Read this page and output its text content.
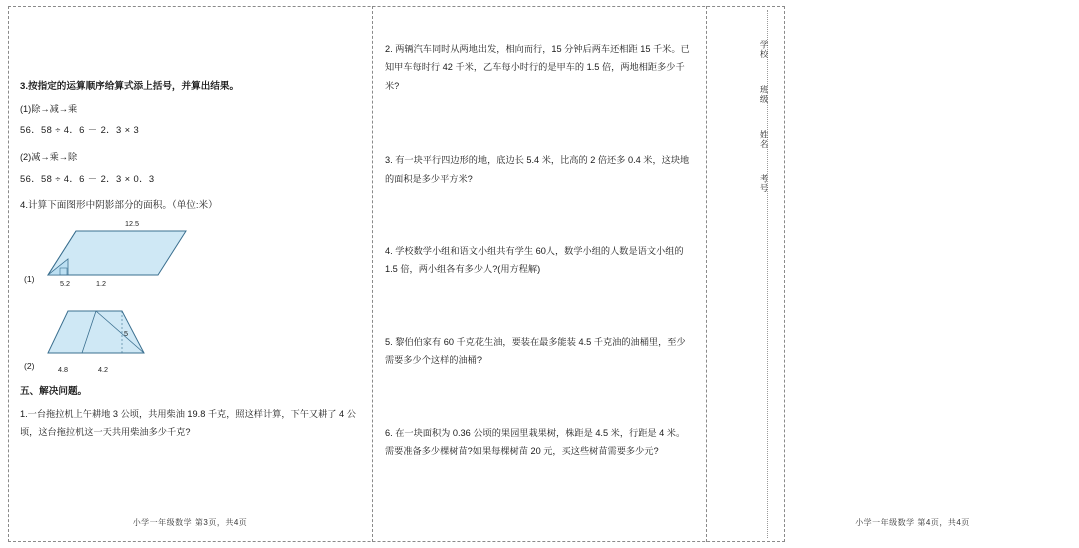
3.按指定的运算顺序给算式添上括号，并算出结果。

(1)除→减→乘

56．58 ÷ 4．6 － 2．3 × 3

(2)减→乘→除

56．58 ÷ 4．6 － 2．3 × 0．3

4.计算下面图形中阴影部分的面积。（单位:米）

12.5
5.2	1.2
(1)
4.8	4.2
5
(2)

五、解决问题。

1.一台拖拉机上午耕地 3 公顷，共用柴油 19.8 千克，照这样计算，下午又耕了 4 公顷，这台拖拉机这一天共用柴油多少千克?

小学一年级数学 第3页，共4页

2. 两辆汽车同时从两地出发，相向而行，15 分钟后两车还相距 15 千米。已知甲车每时行 42 千米，乙车每小时行的是甲车的 1.5 倍，两地相距多少千米?

3. 有一块平行四边形的地，底边长 5.4 米，比高的 2 倍还多 0.4 米，这块地的面积是多少平方米?

4. 学校数学小组和语文小组共有学生 60人，数学小组的人数是语文小组的 1.5 倍，两小组各有多少人?(用方程解)

5. 黎伯伯家有 60 千克花生油，要装在最多能装 4.5 千克油的油桶里，至少需要多少个这样的油桶?

6. 在一块面积为 0.36 公顷的果园里栽果树，株距是 4.5 米，行距是 4 米。需要准备多少棵树苗?如果每棵树苗 20 元，买这些树苗需要多少元?

小学一年级数学 第4页，共4页
学校
班级
姓名
考号
